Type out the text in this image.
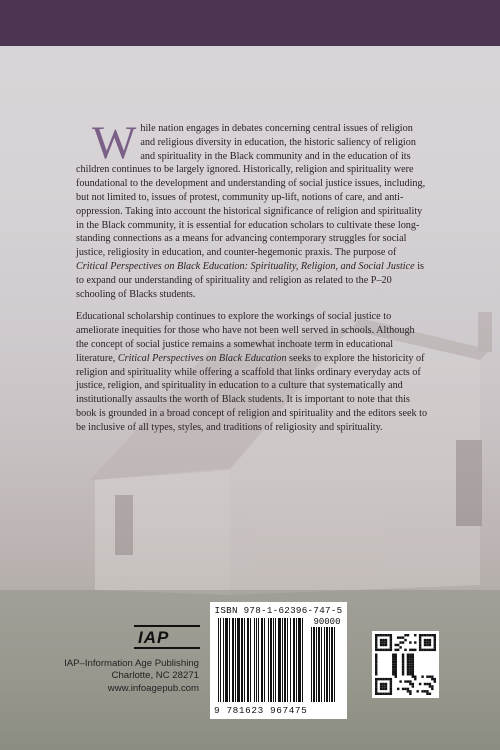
While nation engages in debates concerning central issues of religion and religious diversity in education, the historic saliency of religion and spirituality in the Black community and in the education of its children continues to be largely ignored. Historically, religion and spirituality were foundational to the development and understanding of social justice issues, including, but not limited to, issues of protest, community up-lift, notions of care, and anti-oppression. Taking into account the historical significance of religion and spirituality in the Black community, it is essential for education scholars to cultivate these long-standing connections as a means for advancing contemporary struggles for social justice, religiosity in education, and counter-hegemonic praxis. The purpose of Critical Perspectives on Black Education: Spirituality, Religion, and Social Justice is to expand our understanding of spirituality and religion as related to the P–20 schooling of Blacks students.

Educational scholarship continues to explore the workings of social justice to ameliorate inequities for those who have not been well served in schools. Although the concept of social justice remains a somewhat inchoate term in educational literature, Critical Perspectives on Black Education seeks to explore the historicity of religion and spirituality while offering a scaffold that links ordinary everyday acts of justice, religion, and spirituality in education to a culture that systematically and institutionally assaults the worth of Black students. It is important to note that this book is grounded in a broad concept of religion and spirituality and the editors seek to be inclusive of all types, styles, and traditions of religiosity and spirituality.

IAP
IAP–Information Age Publishing
Charlotte, NC 28271
www.infoagepub.com
ISBN 978-1-62396-747-5
90000
9 781623 967475
